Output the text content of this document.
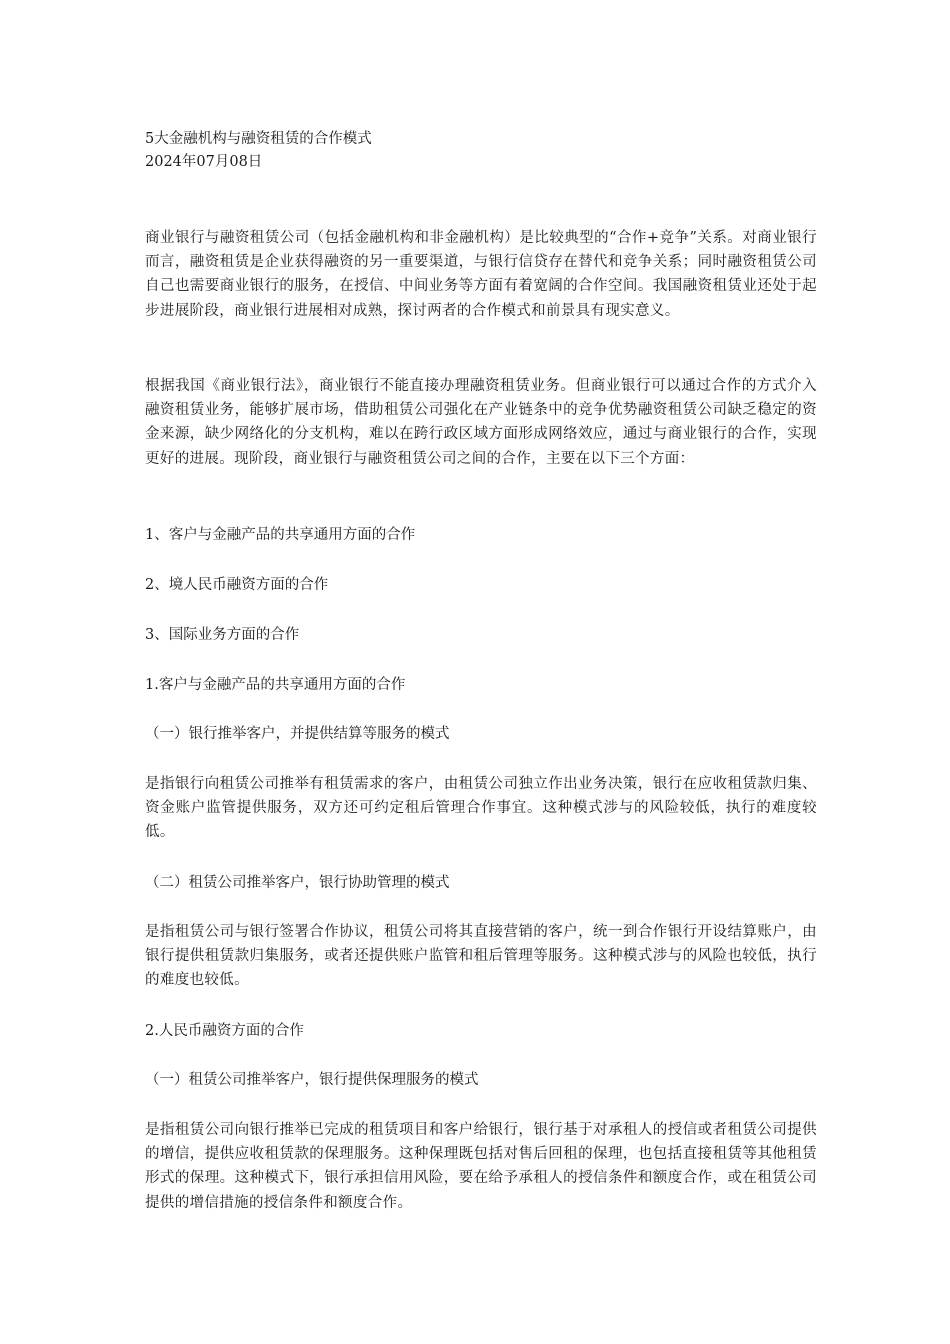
5大金融机构与融资租赁的合作模式
2024年07月08日
商业银行与融资租赁公司（包括金融机构和非金融机构）是比较典型的“合作+竞争”关系。对商业银行而言，融资租赁是企业获得融资的另一重要渠道，与银行信贷存在替代和竞争关系；同时融资租赁公司自己也需要商业银行的服务，在授信、中间业务等方面有着宽阔的合作空间。我国融资租赁业还处于起步进展阶段，商业银行进展相对成熟，探讨两者的合作模式和前景具有现实意义。
根据我国《商业银行法》，商业银行不能直接办理融资租赁业务。但商业银行可以通过合作的方式介入融资租赁业务，能够扩展市场，借助租赁公司强化在产业链条中的竞争优势融资租赁公司缺乏稳定的资金来源，缺少网络化的分支机构，难以在跨行政区域方面形成网络效应，通过与商业银行的合作，实现更好的进展。现阶段，商业银行与融资租赁公司之间的合作，主要在以下三个方面：
1、客户与金融产品的共享通用方面的合作
2、境人民币融资方面的合作
3、国际业务方面的合作
1.客户与金融产品的共享通用方面的合作
（一）银行推举客户，并提供结算等服务的模式
是指银行向租赁公司推举有租赁需求的客户，由租赁公司独立作出业务决策，银行在应收租赁款归集、资金账户监管提供服务，双方还可约定租后管理合作事宜。这种模式涉与的风险较低，执行的难度较低。
（二）租赁公司推举客户，银行协助管理的模式
是指租赁公司与银行签署合作协议，租赁公司将其直接营销的客户，统一到合作银行开设结算账户，由银行提供租赁款归集服务，或者还提供账户监管和租后管理等服务。这种模式涉与的风险也较低，执行的难度也较低。
2.人民币融资方面的合作
（一）租赁公司推举客户，银行提供保理服务的模式
是指租赁公司向银行推举已完成的租赁项目和客户给银行，银行基于对承租人的授信或者租赁公司提供的增信，提供应收租赁款的保理服务。这种保理既包括对售后回租的保理，也包括直接租赁等其他租赁形式的保理。这种模式下，银行承担信用风险，要在给予承租人的授信条件和额度合作，或在租赁公司提供的增信措施的授信条件和额度合作。
